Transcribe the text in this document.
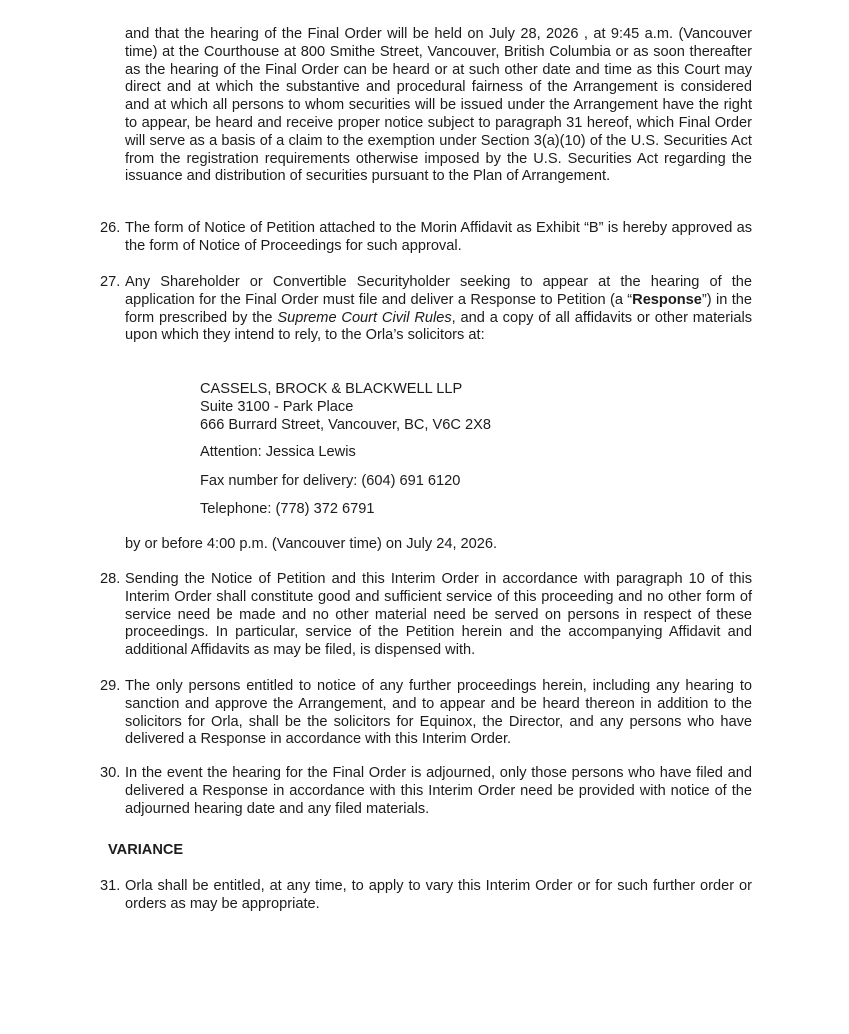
and that the hearing of the Final Order will be held on July 28, 2026 , at 9:45 a.m. (Vancouver time) at the Courthouse at 800 Smithe Street, Vancouver, British Columbia or as soon thereafter as the hearing of the Final Order can be heard or at such other date and time as this Court may direct and at which the substantive and procedural fairness of the Arrangement is considered and at which all persons to whom securities will be issued under the Arrangement have the right to appear, be heard and receive proper notice subject to paragraph 31 hereof, which Final Order will serve as a basis of a claim to the exemption under Section 3(a)(10) of the U.S. Securities Act from the registration requirements otherwise imposed by the U.S. Securities Act regarding the issuance and distribution of securities pursuant to the Plan of Arrangement.
26. The form of Notice of Petition attached to the Morin Affidavit as Exhibit “B” is hereby approved as the form of Notice of Proceedings for such approval.
27. Any Shareholder or Convertible Securityholder seeking to appear at the hearing of the application for the Final Order must file and deliver a Response to Petition (a “Response”) in the form prescribed by the Supreme Court Civil Rules, and a copy of all affidavits or other materials upon which they intend to rely, to the Orla’s solicitors at:
CASSELS, BROCK & BLACKWELL LLP
Suite 3100 - Park Place
666 Burrard Street, Vancouver, BC, V6C 2X8
Attention: Jessica Lewis
Fax number for delivery: (604) 691 6120
Telephone: (778) 372 6791
by or before 4:00 p.m. (Vancouver time) on July 24, 2026.
28. Sending the Notice of Petition and this Interim Order in accordance with paragraph 10 of this Interim Order shall constitute good and sufficient service of this proceeding and no other form of service need be made and no other material need be served on persons in respect of these proceedings. In particular, service of the Petition herein and the accompanying Affidavit and additional Affidavits as may be filed, is dispensed with.
29. The only persons entitled to notice of any further proceedings herein, including any hearing to sanction and approve the Arrangement, and to appear and be heard thereon in addition to the solicitors for Orla, shall be the solicitors for Equinox, the Director, and any persons who have delivered a Response in accordance with this Interim Order.
30. In the event the hearing for the Final Order is adjourned, only those persons who have filed and delivered a Response in accordance with this Interim Order need be provided with notice of the adjourned hearing date and any filed materials.
VARIANCE
31. Orla shall be entitled, at any time, to apply to vary this Interim Order or for such further order or orders as may be appropriate.
